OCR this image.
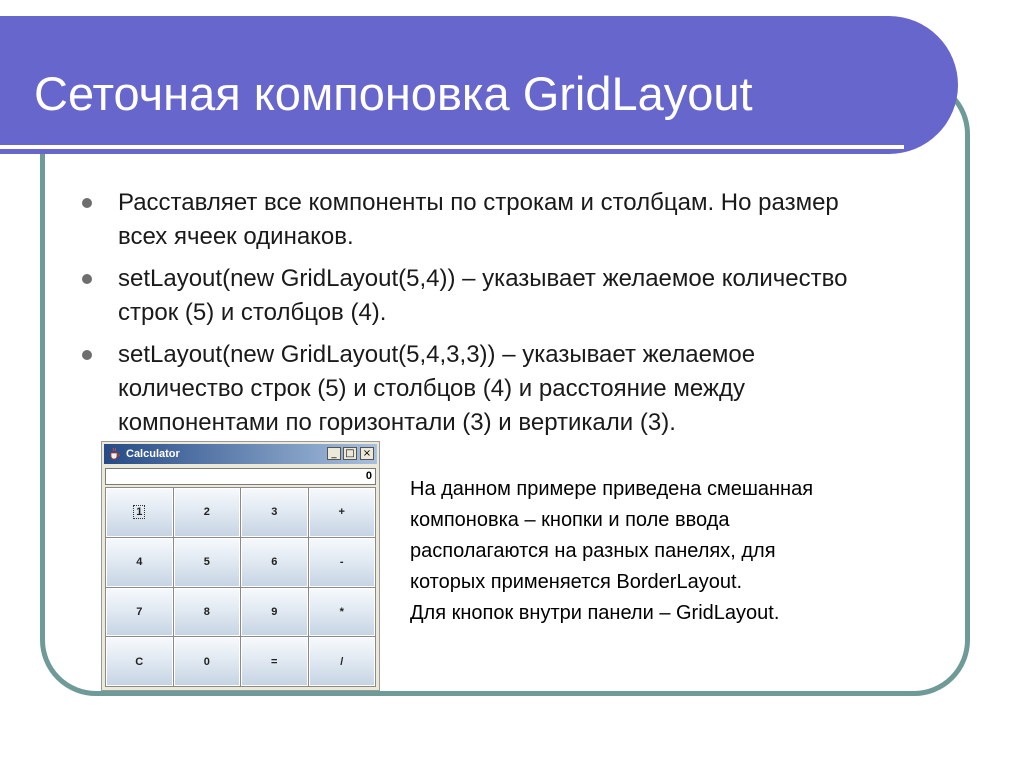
Сеточная компоновка GridLayout
Расставляет все компоненты по строкам и столбцам. Но размер всех ячеек одинаков.
setLayout(new GridLayout(5,4)) – указывает желаемое количество строк (5) и столбцов (4).
setLayout(new GridLayout(5,4,3,3)) – указывает желаемое количество строк (5) и столбцов (4) и расстояние между компонентами по горизонтали (3) и вертикали (3).
Calculator	_ □ ×
0
1	2	3	+
4	5	6	-
7	8	9	*
C	0	=	/

На данном примере приведена смешанная

компоновка – кнопки и поле ввода

располагаются на разных панелях, для

которых применяется BorderLayout.

Для кнопок внутри панели – GridLayout.
